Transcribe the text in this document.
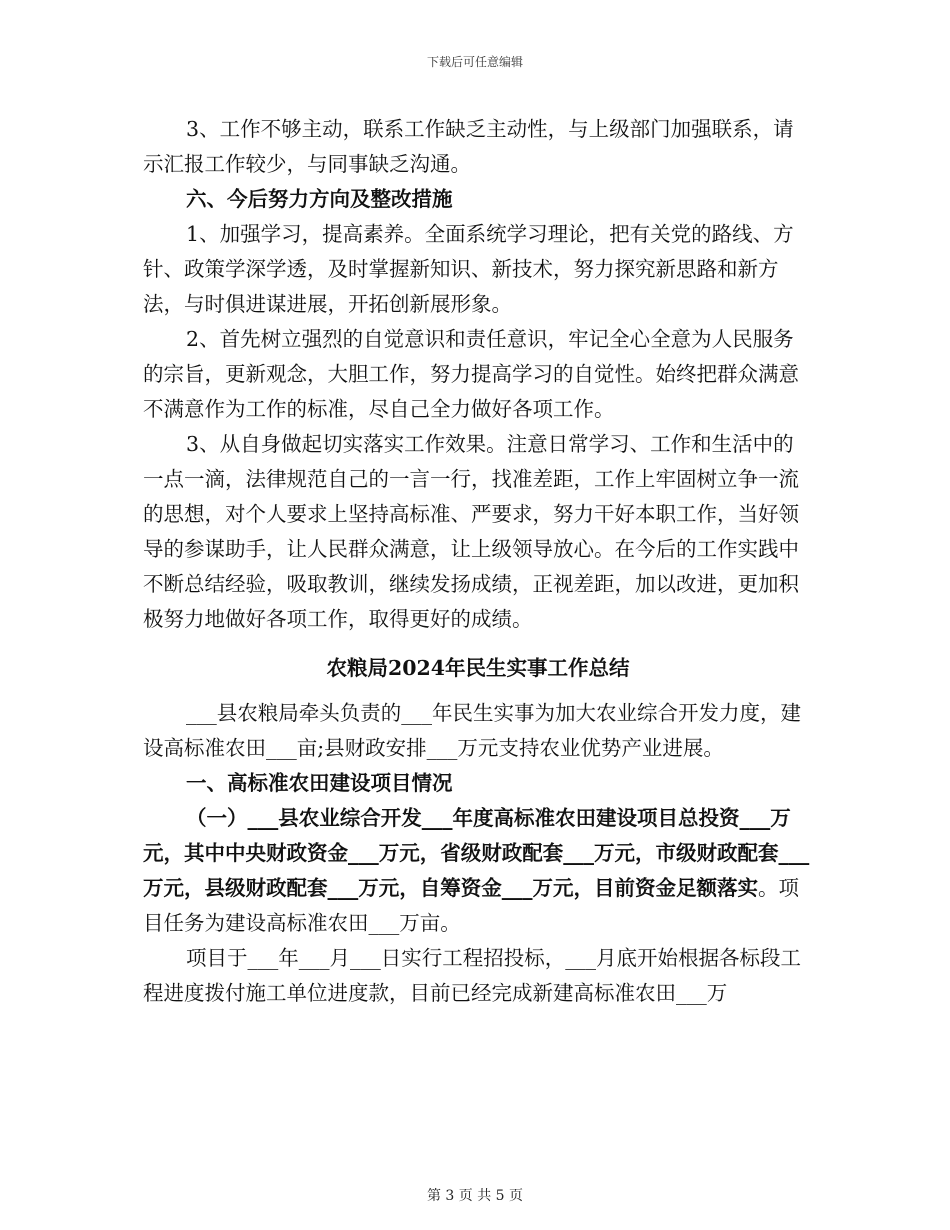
下载后可任意编辑

3、工作不够主动，联系工作缺乏主动性，与上级部门加强联系，请示汇报工作较少，与同事缺乏沟通。

六、今后努力方向及整改措施

1、加强学习，提高素养。全面系统学习理论，把有关党的路线、方针、政策学深学透，及时掌握新知识、新技术，努力探究新思路和新方法，与时俱进谋进展，开拓创新展形象。

2、首先树立强烈的自觉意识和责任意识，牢记全心全意为人民服务的宗旨，更新观念，大胆工作，努力提高学习的自觉性。始终把群众满意不满意作为工作的标准，尽自己全力做好各项工作。

3、从自身做起切实落实工作效果。注意日常学习、工作和生活中的一点一滴，法律规范自己的一言一行，找准差距，工作上牢固树立争一流的思想，对个人要求上坚持高标准、严要求，努力干好本职工作，当好领导的参谋助手，让人民群众满意，让上级领导放心。在今后的工作实践中不断总结经验，吸取教训，继续发扬成绩，正视差距，加以改进，更加积极努力地做好各项工作，取得更好的成绩。

农粮局2024年民生实事工作总结

___县农粮局牵头负责的___年民生实事为加大农业综合开发力度，建设高标准农田___亩;县财政安排___万元支持农业优势产业进展。

一、高标准农田建设项目情况

（一）___县农业综合开发___年度高标准农田建设项目总投资___万元，其中中央财政资金___万元，省级财政配套___万元，市级财政配套___万元，县级财政配套___万元，自筹资金___万元，目前资金足额落实。项目任务为建设高标准农田___万亩。

项目于___年___月___日实行工程招投标，___月底开始根据各标段工程进度拨付施工单位进度款，目前已经完成新建高标准农田___万

第 3 页 共 5 页
